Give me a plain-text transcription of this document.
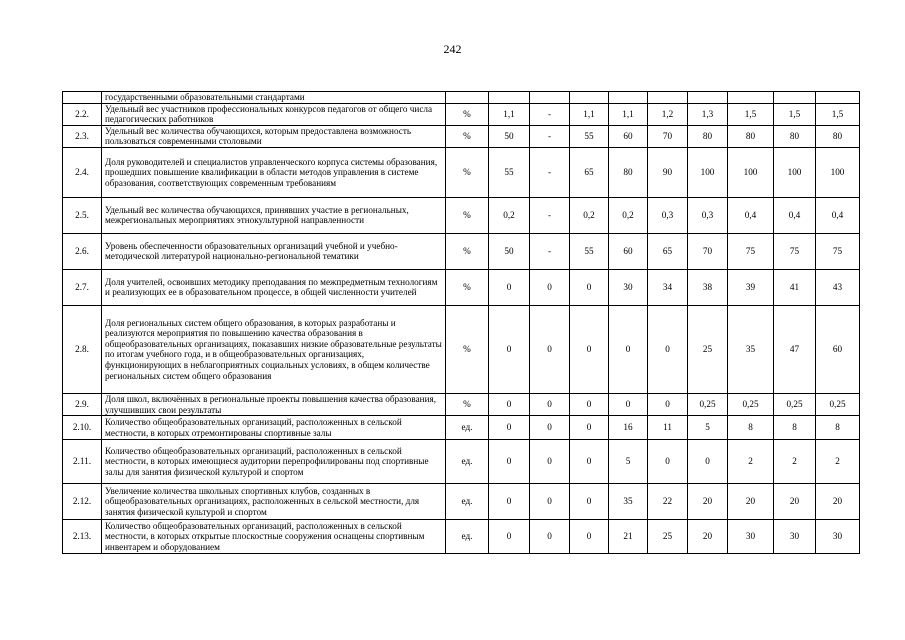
242
	государственными образовательными стандартами										
2.2.	Удельный вес участников профессиональных конкурсов педагогов от общего числа педагогических работников	%	1,1	-	1,1	1,1	1,2	1,3	1,5	1,5	1,5
2.3.	Удельный вес количества обучающихся, которым предоставлена возможность пользоваться современными столовыми	%	50	-	55	60	70	80	80	80	80
2.4.	Доля руководителей и специалистов управленческого корпуса системы образования, прошедших повышение квалификации в области методов управления в системе образования, соответствующих современным требованиям	%	55	-	65	80	90	100	100	100	100
2.5.	Удельный вес количества обучающихся, принявших участие в региональных, межрегиональных мероприятиях этнокультурной направленности	%	0,2	-	0,2	0,2	0,3	0,3	0,4	0,4	0,4
2.6.	Уровень обеспеченности образовательных организаций учебной и учебно-методической литературой национально-региональной тематики	%	50	-	55	60	65	70	75	75	75
2.7.	Доля учителей, освоивших методику преподавания по межпредметным технологиям и реализующих ее в образовательном процессе, в общей численности учителей	%	0	0	0	30	34	38	39	41	43
2.8.	Доля региональных систем общего образования, в которых разработаны и реализуются мероприятия по повышению качества образования в общеобразовательных организациях, показавших низкие образовательные результаты по итогам учебного года, и в общеобразовательных организациях, функционирующих в неблагоприятных социальных условиях, в общем количестве региональных систем общего образования	%	0	0	0	0	0	25	35	47	60
2.9.	Доля школ, включённых в региональные проекты повышения качества образования, улучшивших свои результаты	%	0	0	0	0	0	0,25	0,25	0,25	0,25
2.10.	Количество общеобразовательных организаций, расположенных в сельской местности, в которых отремонтированы спортивные залы	ед.	0	0	0	16	11	5	8	8	8
2.11.	Количество общеобразовательных организаций, расположенных в сельской местности, в которых имеющиеся аудитории перепрофилированы под спортивные залы для занятия физической культурой и спортом	ед.	0	0	0	5	0	0	2	2	2
2.12.	Увеличение количества школьных спортивных клубов, созданных в общеобразовательных организациях, расположенных в сельской местности, для занятия физической культурой и спортом	ед.	0	0	0	35	22	20	20	20	20
2.13.	Количество общеобразовательных организаций, расположенных в сельской местности, в которых открытые плоскостные сооружения оснащены спортивным инвентарем и оборудованием	ед.	0	0	0	21	25	20	30	30	30
